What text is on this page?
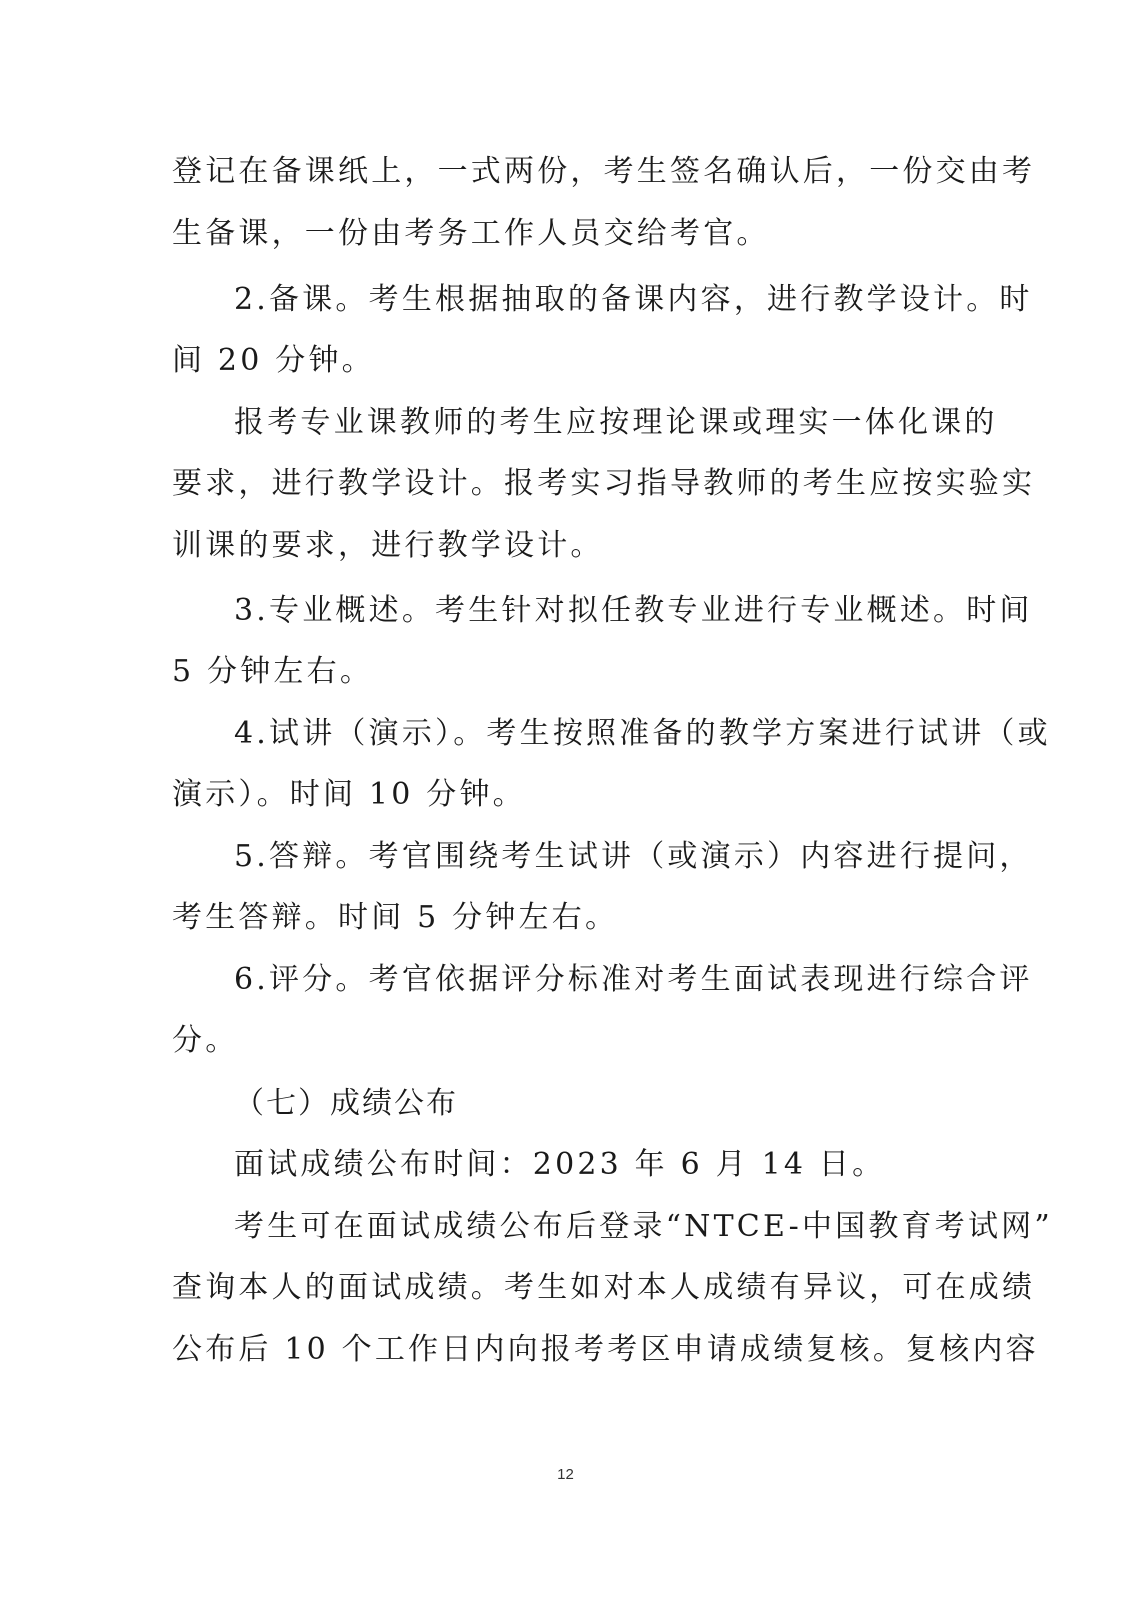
登记在备课纸上，一式两份，考生签名确认后，一份交由考
生备课，一份由考务工作人员交给考官。
2.备课。考生根据抽取的备课内容，进行教学设计。时
间 20 分钟。
报考专业课教师的考生应按理论课或理实一体化课的
要求，进行教学设计。报考实习指导教师的考生应按实验实
训课的要求，进行教学设计。
3.专业概述。考生针对拟任教专业进行专业概述。时间
5 分钟左右。
4.试讲（演示）。考生按照准备的教学方案进行试讲（或
演示）。时间 10 分钟。
5.答辩。考官围绕考生试讲（或演示）内容进行提问，
考生答辩。时间 5 分钟左右。
6.评分。考官依据评分标准对考生面试表现进行综合评
分。
（七）成绩公布
面试成绩公布时间：2023 年 6 月 14 日。
考生可在面试成绩公布后登录“NTCE-中国教育考试网”
查询本人的面试成绩。考生如对本人成绩有异议，可在成绩
公布后 10 个工作日内向报考考区申请成绩复核。复核内容
12
